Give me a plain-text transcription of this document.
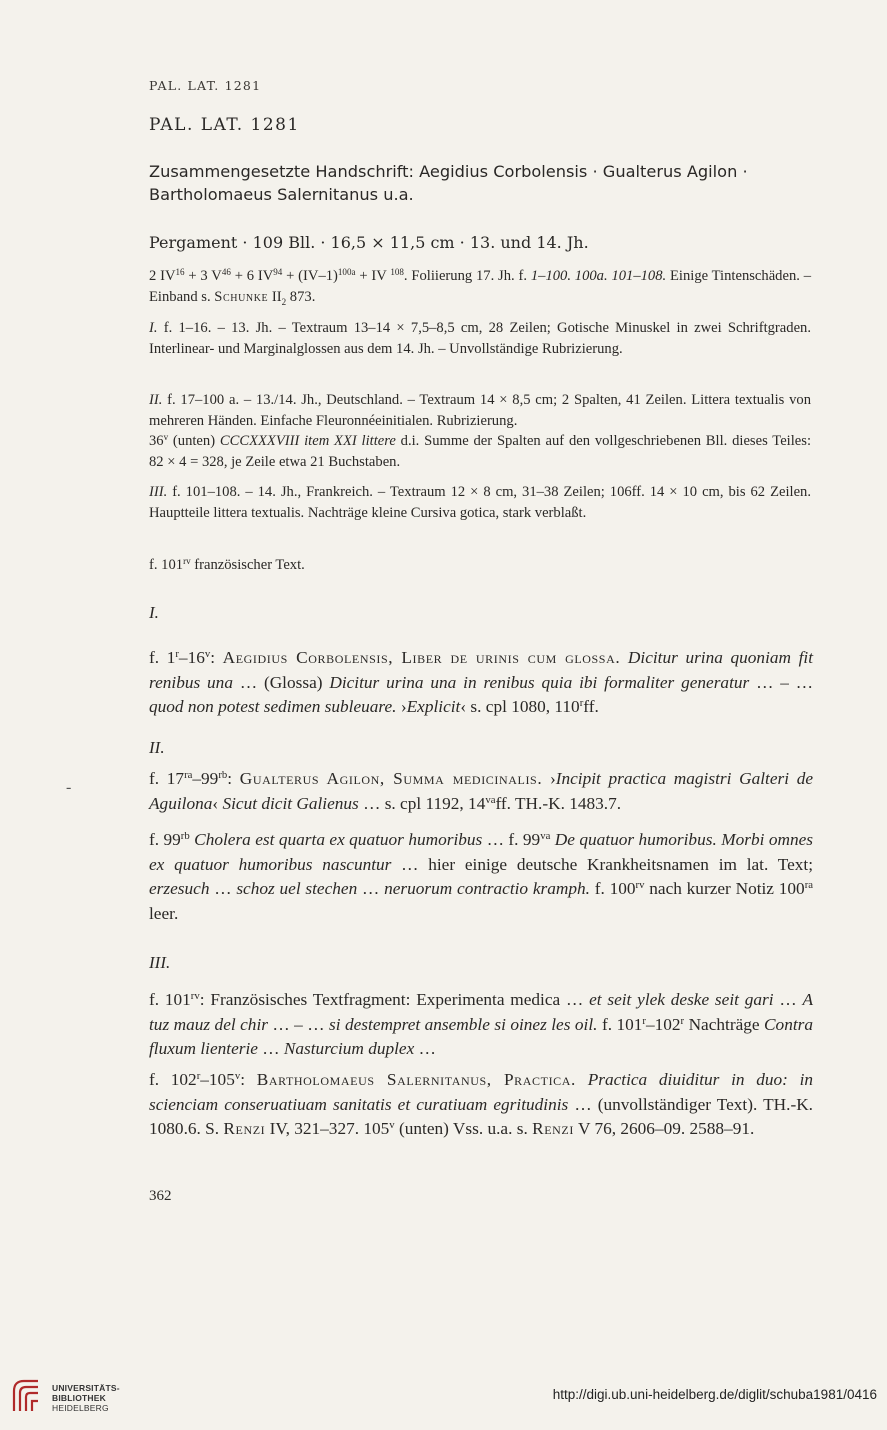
PAL. LAT. 1281
PAL. LAT. 1281
Zusammengesetzte Handschrift: Aegidius Corbolensis · Gualterus Agilon ·
Bartholomaeus Salernitanus u.a.
Pergament · 109 Bll. · 16,5 × 11,5 cm · 13. und 14. Jh.
2 $IV^{16} + 3$ $V^{46} + 6$ $IV^{94} + (IV-1)^{100a}$ + IV $^{108}$. Foliierung 17. Jh. f. 1–100. 100a. 101–108. Einige Tintenschäden. – Einband s. Schunke $II_2$ 873.
I. f. 1–16. – 13. Jh. – Textraum 13–14 × 7,5–8,5 cm, 28 Zeilen; Gotische Minuskel in zwei Schriftgraden. Interlinear- und Marginalglossen aus dem 14. Jh. – Unvollständige Rubrizierung.
II. f. 17–100 a. – 13./14. Jh., Deutschland. – Textraum 14 × 8,5 cm; 2 Spalten, 41 Zeilen. Littera textualis von mehreren Händen. Einfache Fleuronnéeinitialen. Rubrizierung.
36$^v$ (unten) CCCXXXVIII item XXI littere d.i. Summe der Spalten auf den vollgeschriebenen Bll. dieses Teiles: 82 × 4 = 328, je Zeile etwa 21 Buchstaben.
III. f. 101–108. – 14. Jh., Frankreich. – Textraum 12 × 8 cm, 31–38 Zeilen; 106ff. 14 × 10 cm, bis 62 Zeilen. Hauptteile littera textualis. Nachträge kleine Cursiva gotica, stark verblaßt.
f. $101^{rv}$ französischer Text.
I.
f. 1$^r$–16$^v$: Aegidius Corbolensis, Liber de urinis cum glossa. Dicitur urina quoniam fit renibus una … (Glossa) Dicitur urina una in renibus quia ibi formaliter generatur … – … quod non potest sedimen subleuare. ›Explicit‹ s. cpl 1080, 110$^r$ff.
II.
-	f. $17^{ra}-99^{rb}$: Gualterus Agilon, Summa medicinalis. ›Incipit practica magistri Galteri de Aguilona‹ Sicut dicit Galienus … s. cpl 1192, $14^{va}ff$. TH.-K. 1483.7.
f. $99^{rb}$ Cholera est quarta ex quatuor humoribus … f. $99^{va}$ De quatuor humoribus. Morbi omnes ex quatuor humoribus nascuntur … hier einige deutsche Krankheitsnamen im lat. Text; erzesuch … schoz uel stechen … neruorum contractio kramph. f. $100^{rv}$ nach kurzer Notiz $100^{ra}$ leer.
III.
f. $101^{rv}$: Französisches Textfragment: Experimenta medica … et seit ylek deske seit gari … A tuz mauz del chir … – … si destempret ansemble si oinez les oil. f. 101$^r$–102$^r$ Nachträge Contra fluxum lienterie … Nasturcium duplex …
f. 102$^r$–105$^v$: Bartholomaeus Salernitanus, Practica. Practica diuiditur in duo: in scienciam conseruatiuam sanitatis et curatiuam egritudinis … (unvollständiger Text). TH.-K. 1080.6. S. Renzi IV, 321–327. 105$^v$ (unten) Vss. u.a. s. Renzi V 76, 2606–09. 2588–91.
362
UNIVERSITÄTS-
BIBLIOTHEK
HEIDELBERG
http://digi.ub.uni-heidelberg.de/diglit/schuba1981/0416
